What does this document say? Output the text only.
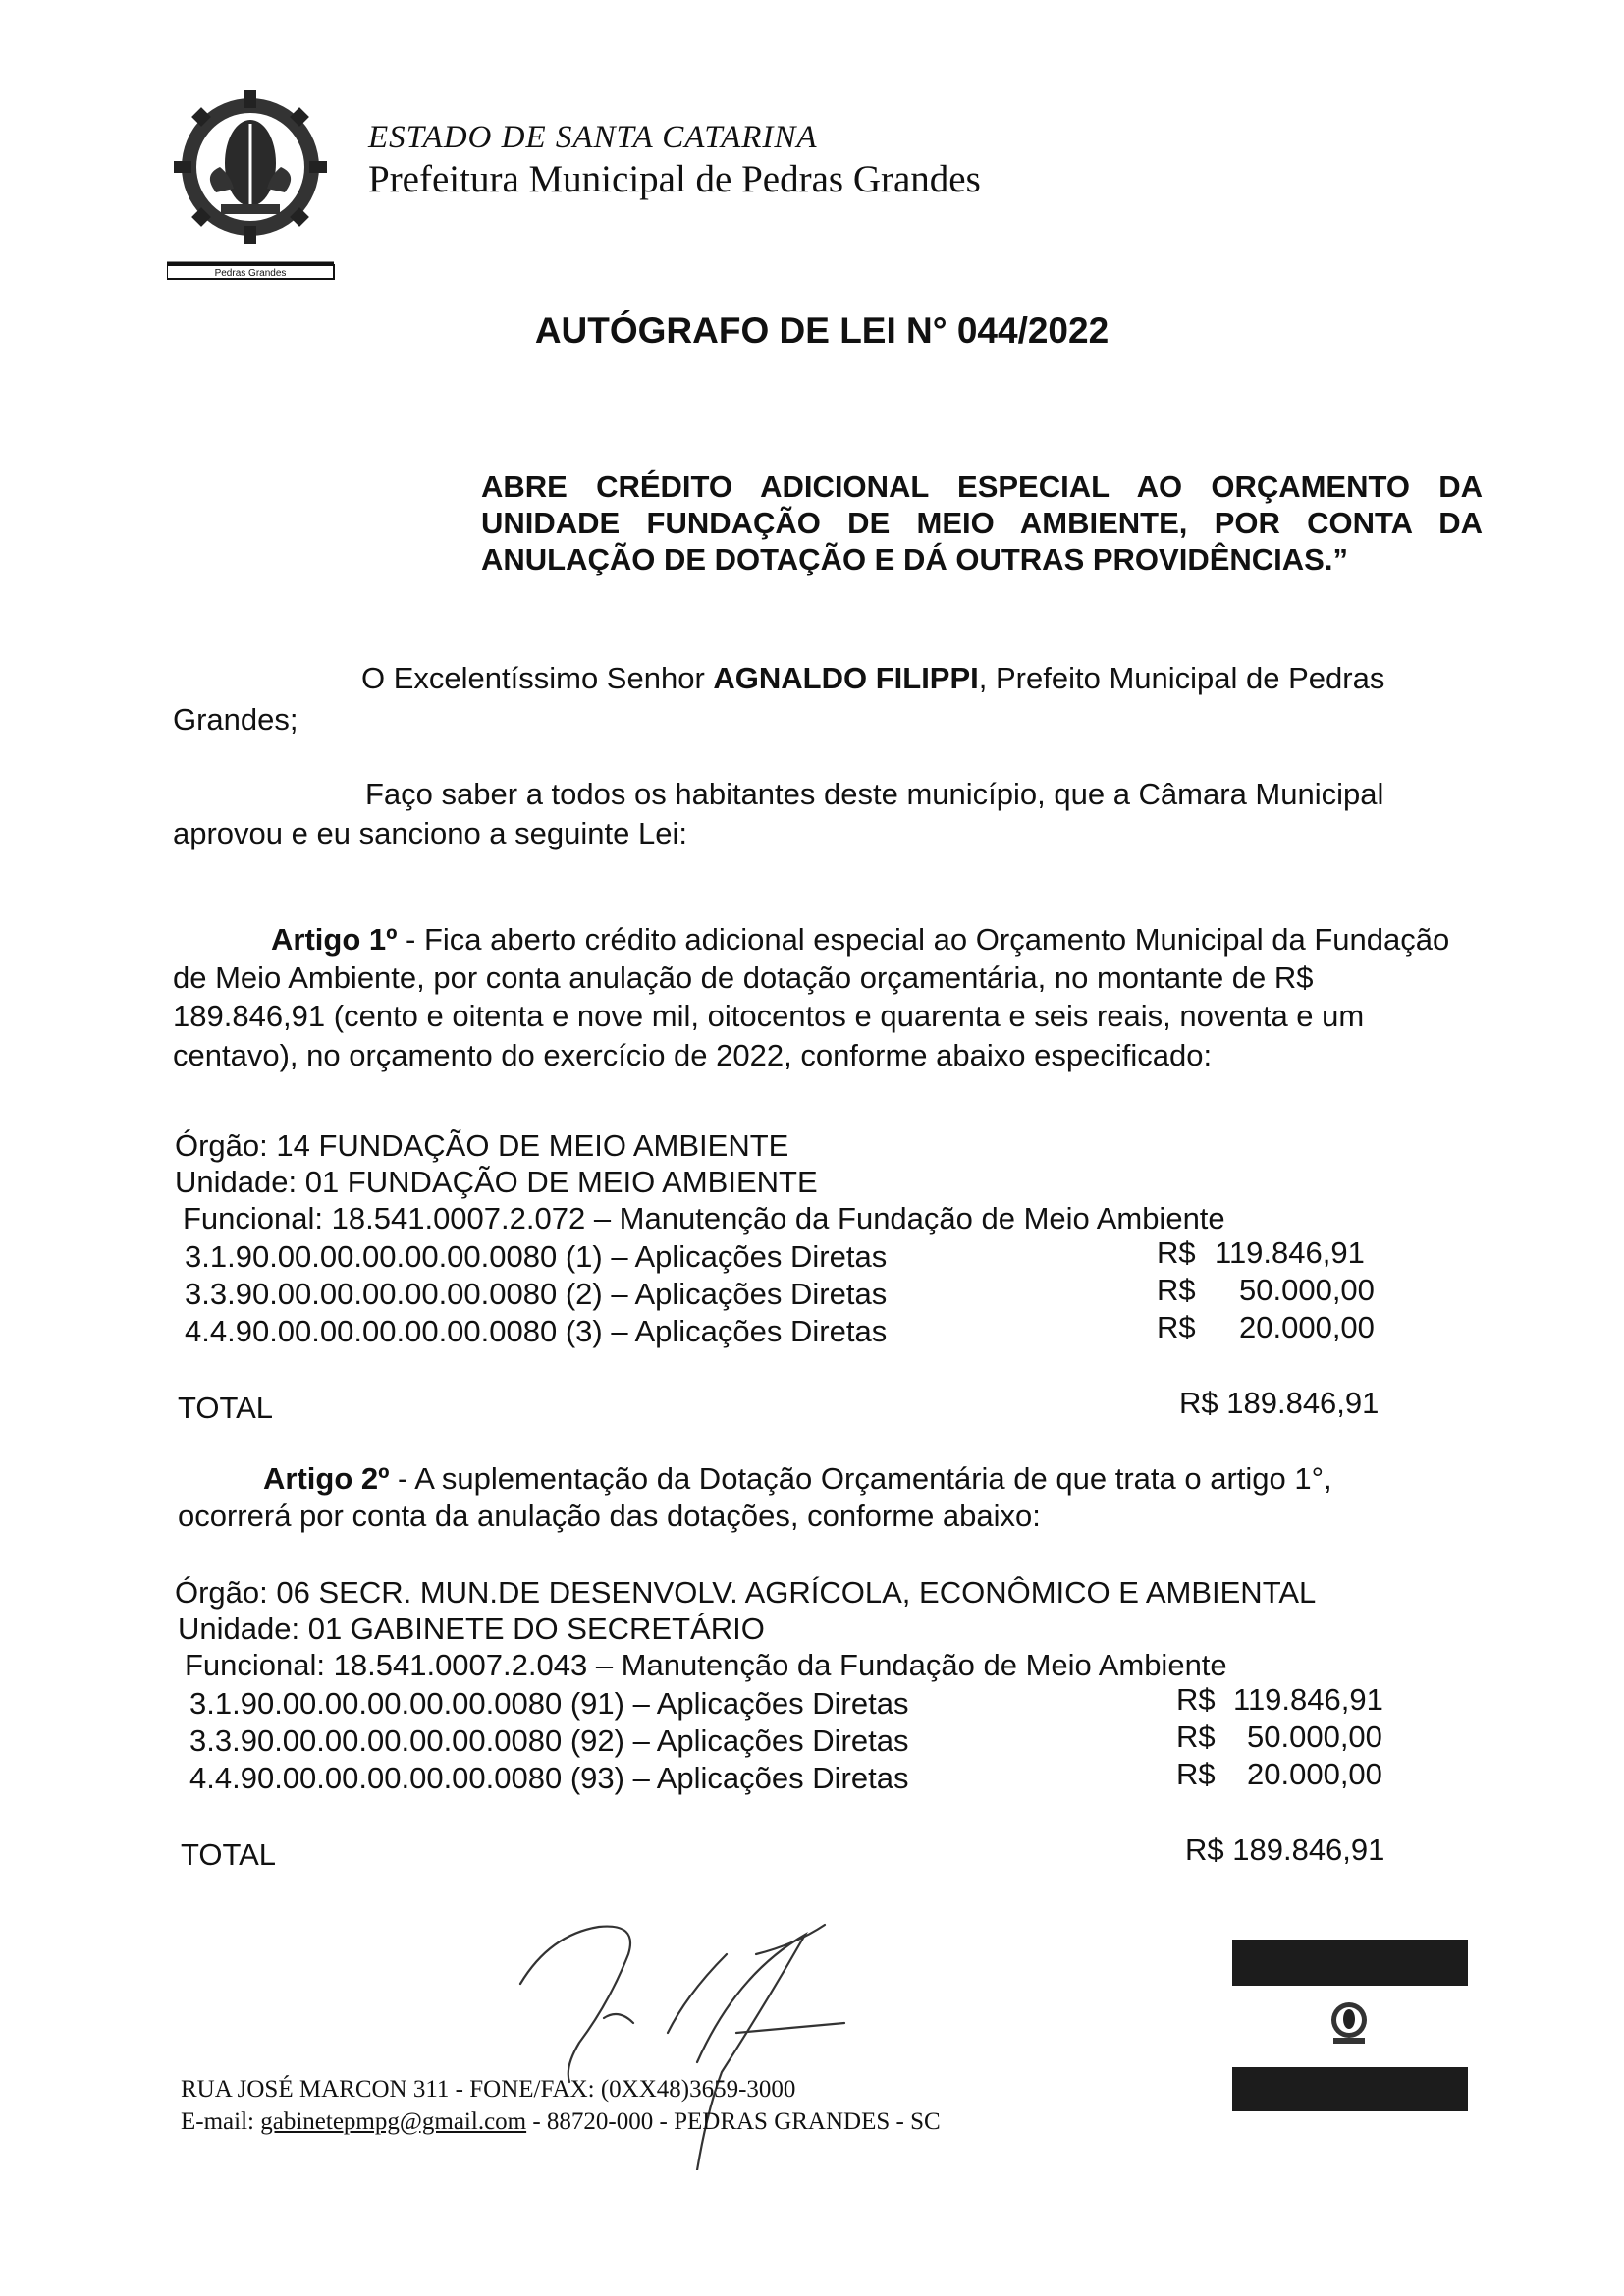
Pedras Grandes
ESTADO DE SANTA CATARINA
Prefeitura Municipal de Pedras Grandes
AUTÓGRAFO DE LEI N° 044/2022
ABRE CRÉDITO ADICIONAL ESPECIAL AO ORÇAMENTO DA UNIDADE FUNDAÇÃO DE MEIO AMBIENTE, POR CONTA DA ANULAÇÃO DE DOTAÇÃO E DÁ OUTRAS PROVIDÊNCIAS.”
O Excelentíssimo Senhor AGNALDO FILIPPI, Prefeito Municipal de Pedras
Grandes;
Faço saber a todos os habitantes deste município, que a Câmara Municipal
aprovou e eu sanciono a seguinte Lei:
Artigo 1º - Fica aberto crédito adicional especial ao Orçamento Municipal da Fundação
de Meio Ambiente, por conta anulação de dotação orçamentária, no montante de R$
189.846,91 (cento e oitenta e nove mil, oitocentos e quarenta e seis reais, noventa e um
centavo), no orçamento do exercício de 2022, conforme abaixo especificado:
Órgão: 14 FUNDAÇÃO DE MEIO AMBIENTE
Unidade: 01 FUNDAÇÃO DE MEIO AMBIENTE
Funcional: 18.541.0007.2.072 – Manutenção da Fundação de Meio Ambiente
3.1.90.00.00.00.00.00.0080 (1) – Aplicações Diretas	R$ 119.846,91
3.3.90.00.00.00.00.00.0080 (2) – Aplicações Diretas	R$ 50.000,00
4.4.90.00.00.00.00.00.0080 (3) – Aplicações Diretas	R$ 20.000,00
TOTAL	R$ 189.846,91
Artigo 2º - A suplementação da Dotação Orçamentária de que trata o artigo 1°,
ocorrerá por conta da anulação das dotações, conforme abaixo:
Órgão: 06 SECR. MUN.DE DESENVOLV. AGRÍCOLA, ECONÔMICO E AMBIENTAL
Unidade: 01 GABINETE DO SECRETÁRIO
Funcional: 18.541.0007.2.043 – Manutenção da Fundação de Meio Ambiente
3.1.90.00.00.00.00.00.0080 (91) – Aplicações Diretas	R$ 119.846,91
3.3.90.00.00.00.00.00.0080 (92) – Aplicações Diretas	R$ 50.000,00
4.4.90.00.00.00.00.00.0080 (93) – Aplicações Diretas	R$ 20.000,00
TOTAL	R$ 189.846,91
RUA JOSÉ MARCON 311 - FONE/FAX: (0XX48)3659-3000
E-mail: gabinetepmpg@gmail.com - 88720-000 - PEDRAS GRANDES - SC
